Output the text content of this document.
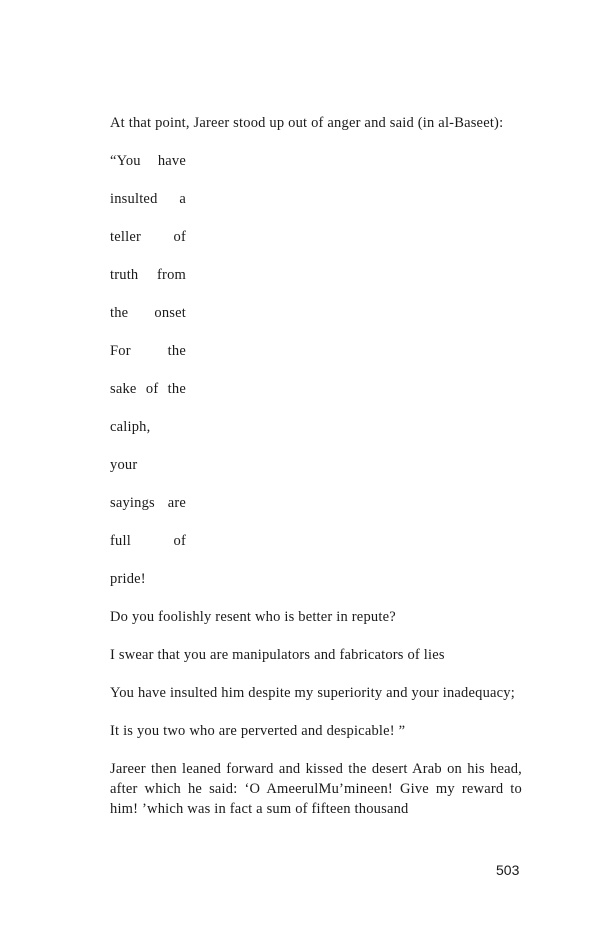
At that point, Jareer stood up out of anger and said (in al-Baseet):

“You have
insulted a
teller of
truth from
the onset
For the
sake of the
caliph,
your
sayings are
full of
pride!

Do you foolishly resent who is better in repute?

I swear that you are manipulators and fabricators of lies

You have insulted him despite my superiority and your inadequacy;

It is you two who are perverted and despicable! ”

Jareer then leaned forward and kissed the desert Arab on his head, after which he said: ‘O AmeerulMu’mineen! Give my reward to him! ’which was in fact a sum of fifteen thousand

503
